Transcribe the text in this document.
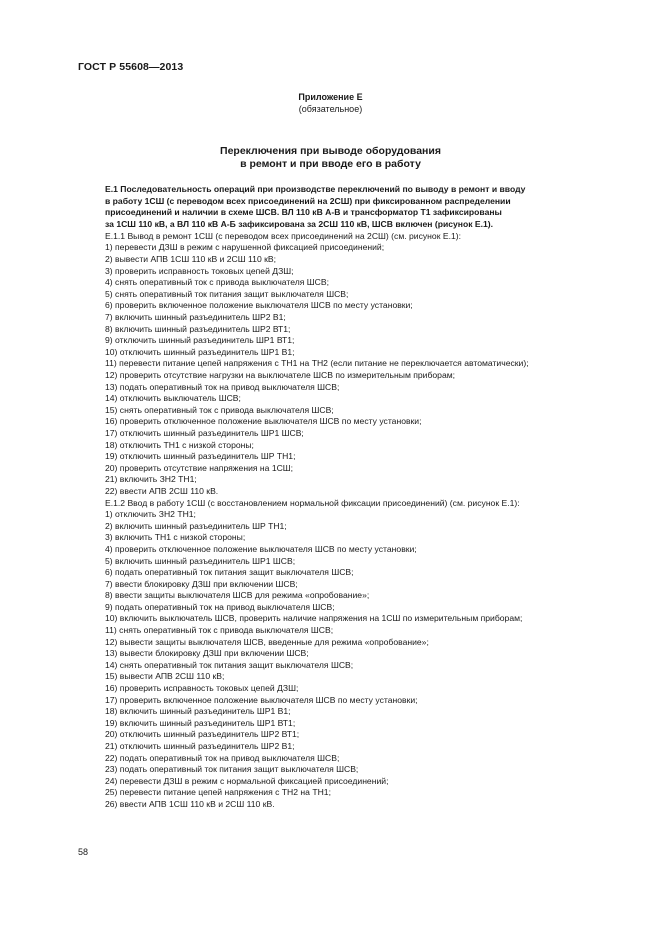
ГОСТ Р 55608—2013
Приложение Е
(обязательное)
Переключения при выводе оборудования
в ремонт и при вводе его в работу
Е.1 Последовательность операций при производстве переключений по выводу в ремонт и вводу
в работу 1СШ (с переводом всех присоединений на 2СШ) при фиксированном распределении
присоединений и наличии в схеме ШСВ. ВЛ 110 кВ А-В и трансформатор Т1 зафиксированы
за 1СШ 110 кВ, а ВЛ 110 кВ А-Б зафиксирована за 2СШ 110 кВ, ШСВ включен (рисунок Е.1).
Е.1.1 Вывод в ремонт 1СШ (с переводом всех присоединений на 2СШ) (см. рисунок Е.1):
1) перевести ДЗШ в режим с нарушенной фиксацией присоединений;
2) вывести АПВ 1СШ 110 кВ и 2СШ 110 кВ;
3) проверить исправность токовых цепей ДЗШ;
4) снять оперативный ток с привода выключателя ШСВ;
5) снять оперативный ток питания защит выключателя ШСВ;
6) проверить включенное положение выключателя ШСВ по месту установки;
7) включить шинный разъединитель ШР2 В1;
8) включить шинный разъединитель ШР2 ВТ1;
9) отключить шинный разъединитель ШР1 ВТ1;
10) отключить шинный разъединитель ШР1 В1;
11) перевести питание цепей напряжения с ТН1 на ТН2 (если питание не переключается автоматически);
12) проверить отсутствие нагрузки на выключателе ШСВ по измерительным приборам;
13) подать оперативный ток на привод выключателя ШСВ;
14) отключить выключатель ШСВ;
15) снять оперативный ток с привода выключателя ШСВ;
16) проверить отключенное положение выключателя ШСВ по месту установки;
17) отключить шинный разъединитель ШР1 ШСВ;
18) отключить ТН1 с низкой стороны;
19) отключить шинный разъединитель ШР ТН1;
20) проверить отсутствие напряжения на 1СШ;
21) включить ЗН2 ТН1;
22) ввести АПВ 2СШ 110 кВ.
Е.1.2 Ввод в работу 1СШ (с восстановлением нормальной фиксации присоединений) (см. рисунок Е.1):
1) отключить ЗН2 ТН1;
2) включить шинный разъединитель ШР ТН1;
3) включить ТН1 с низкой стороны;
4) проверить отключенное положение выключателя ШСВ по месту установки;
5) включить шинный разъединитель ШР1 ШСВ;
6) подать оперативный ток питания защит выключателя ШСВ;
7) ввести блокировку ДЗШ при включении ШСВ;
8) ввести защиты выключателя ШСВ для режима «опробование»;
9) подать оперативный ток на привод выключателя ШСВ;
10) включить выключатель ШСВ, проверить наличие напряжения на 1СШ по измерительным приборам;
11) снять оперативный ток с привода выключателя ШСВ;
12) вывести защиты выключателя ШСВ, введенные для режима «опробование»;
13) вывести блокировку ДЗШ при включении ШСВ;
14) снять оперативный ток питания защит выключателя ШСВ;
15) вывести АПВ 2СШ 110 кВ;
16) проверить исправность токовых цепей ДЗШ;
17) проверить включенное положение выключателя ШСВ по месту установки;
18) включить шинный разъединитель ШР1 В1;
19) включить шинный разъединитель ШР1 ВТ1;
20) отключить шинный разъединитель ШР2 ВТ1;
21) отключить шинный разъединитель ШР2 В1;
22) подать оперативный ток на привод выключателя ШСВ;
23) подать оперативный ток питания защит выключателя ШСВ;
24) перевести ДЗШ в режим с нормальной фиксацией присоединений;
25) перевести питание цепей напряжения с ТН2 на ТН1;
26) ввести АПВ 1СШ 110 кВ и 2СШ 110 кВ.
58
